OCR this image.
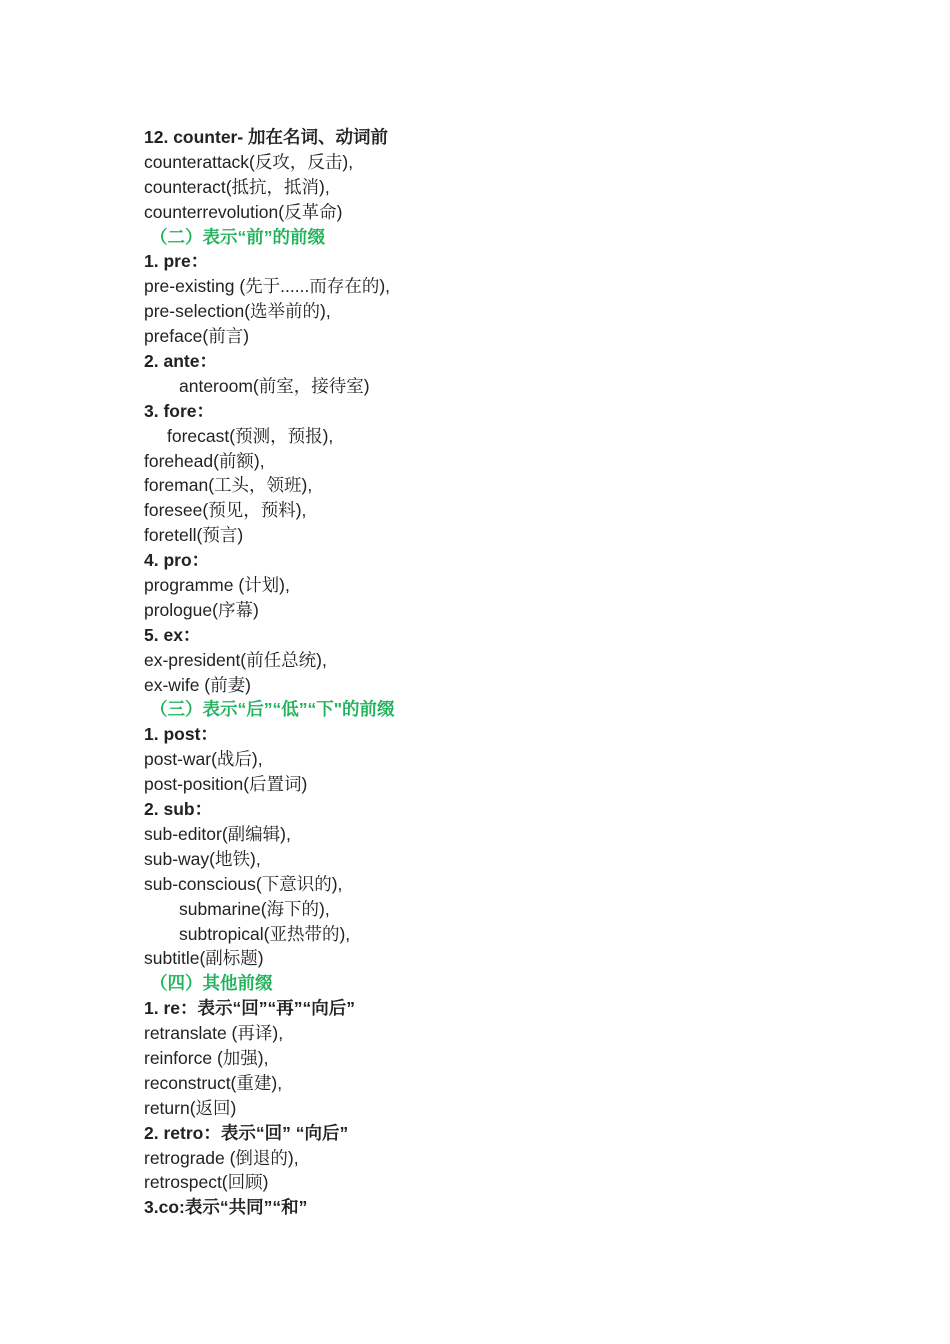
12. counter- 加在名词、动词前
counterattack(反攻，反击),
counteract(抵抗，抵消),
counterrevolution(反革命)
（二）表示“前”的前缀
1. pre：
pre-existing (先于......而存在的),
pre-selection(选举前的),
preface(前言)
2. ante：
anteroom(前室，接待室)
3. fore：
forecast(预测，预报),
forehead(前额),
foreman(工头，领班),
foresee(预见，预料),
foretell(预言)
4. pro：
programme (计划),
prologue(序幕)
5. ex：
ex-president(前任总统),
ex-wife (前妻)
（三）表示“后”“低”“下"的前缀
1. post：
post-war(战后),
post-position(后置词)
2. sub：
sub-editor(副编辑),
sub-way(地铁),
sub-conscious(下意识的),
submarine(海下的),
subtropical(亚热带的),
subtitle(副标题)
（四）其他前缀
1. re：表示“回”“再”“向后”
retranslate (再译),
reinforce (加强),
reconstruct(重建),
return(返回)
2. retro：表示“回” “向后”
retrograde (倒退的),
retrospect(回顾)
3.co:表示“共同”“和”
